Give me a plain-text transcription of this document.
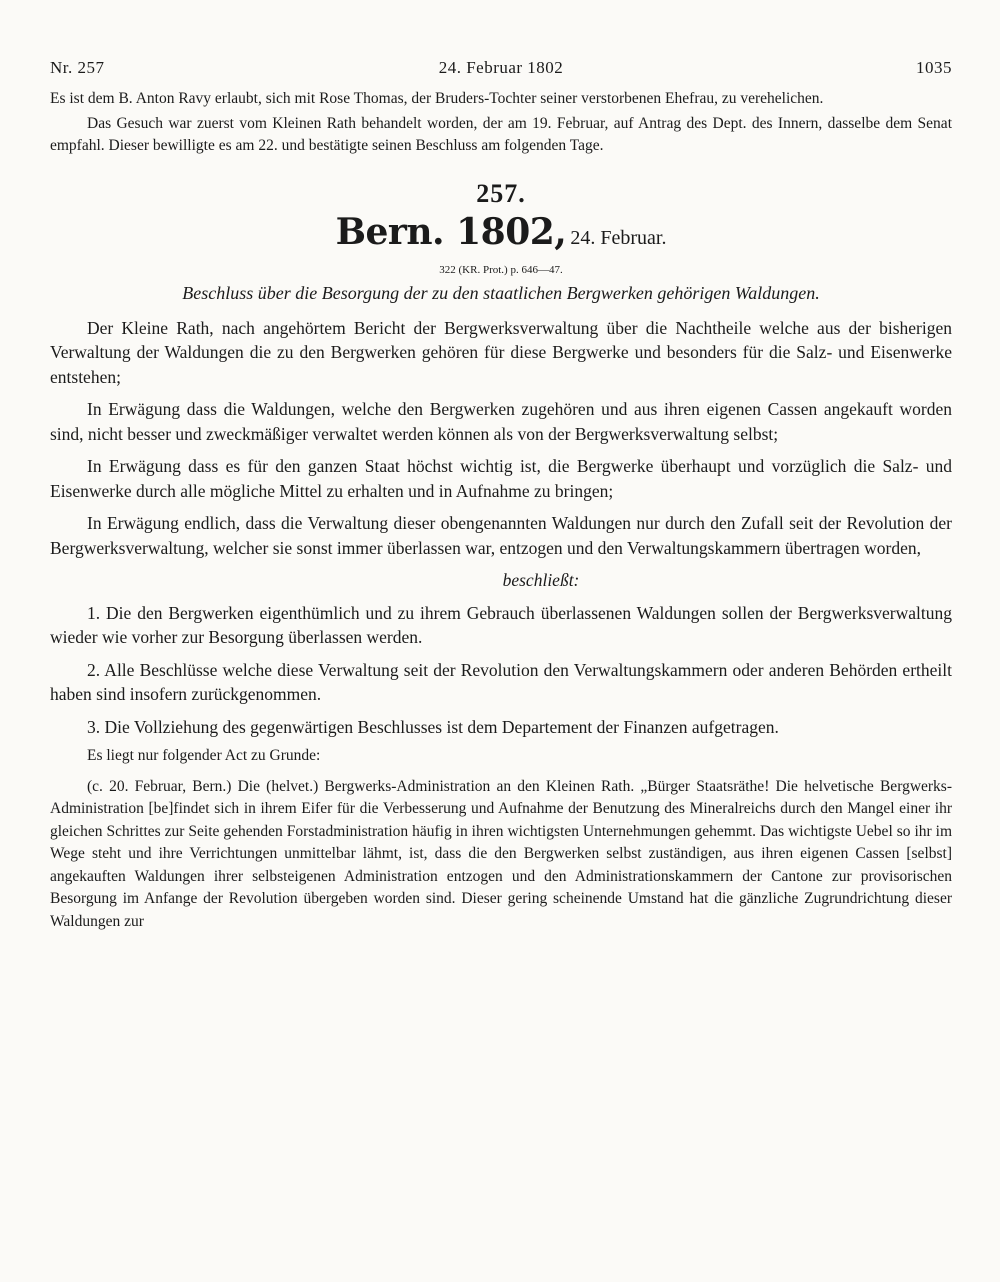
Nr. 257	24. Februar 1802	1035

Es ist dem B. Anton Ravy erlaubt, sich mit Rose Thomas, der Bruders-Tochter seiner verstorbenen Ehefrau, zu verehelichen.

Das Gesuch war zuerst vom Kleinen Rath behandelt worden, der am 19. Februar, auf Antrag des Dept. des Innern, dasselbe dem Senat empfahl. Dieser bewilligte es am 22. und bestätigte seinen Beschluss am folgenden Tage.

257.
Bern. 1802, 24. Februar.
322 (KR. Prot.) p. 646—47.
Beschluss über die Besorgung der zu den staatlichen Bergwerken gehörigen Waldungen.

Der Kleine Rath, nach angehörtem Bericht der Bergwerksverwaltung über die Nachtheile welche aus der bisherigen Verwaltung der Waldungen die zu den Bergwerken gehören für diese Bergwerke und besonders für die Salz- und Eisenwerke entstehen;

In Erwägung dass die Waldungen, welche den Bergwerken zugehören und aus ihren eigenen Cassen angekauft worden sind, nicht besser und zweckmäßiger verwaltet werden können als von der Bergwerksverwaltung selbst;

In Erwägung dass es für den ganzen Staat höchst wichtig ist, die Bergwerke überhaupt und vorzüglich die Salz- und Eisenwerke durch alle mögliche Mittel zu erhalten und in Aufnahme zu bringen;

In Erwägung endlich, dass die Verwaltung dieser obengenannten Waldungen nur durch den Zufall seit der Revolution der Bergwerksverwaltung, welcher sie sonst immer überlassen war, entzogen und den Verwaltungskammern übertragen worden,

beschließt:

1. Die den Bergwerken eigenthümlich und zu ihrem Gebrauch überlassenen Waldungen sollen der Bergwerksverwaltung wieder wie vorher zur Besorgung überlassen werden.

2. Alle Beschlüsse welche diese Verwaltung seit der Revolution den Verwaltungskammern oder anderen Behörden ertheilt haben sind insofern zurückgenommen.

3. Die Vollziehung des gegenwärtigen Beschlusses ist dem Departement der Finanzen aufgetragen.

Es liegt nur folgender Act zu Grunde:

(c. 20. Februar, Bern.) Die (helvet.) Bergwerks-Administration an den Kleinen Rath. „Bürger Staatsräthe! Die helvetische Bergwerks-Administration [be]findet sich in ihrem Eifer für die Verbesserung und Aufnahme der Benutzung des Mineralreichs durch den Mangel einer ihr gleichen Schrittes zur Seite gehenden Forstadministration häufig in ihren wichtigsten Unternehmungen gehemmt. Das wichtigste Uebel so ihr im Wege steht und ihre Verrichtungen unmittelbar lähmt, ist, dass die den Bergwerken selbst zuständigen, aus ihren eigenen Cassen [selbst] angekauften Waldungen ihrer selbsteigenen Administration entzogen und den Administrationskammern der Cantone zur provisorischen Besorgung im Anfange der Revolution übergeben worden sind. Dieser gering scheinende Umstand hat die gänzliche Zugrundrichtung dieser Waldungen zur
